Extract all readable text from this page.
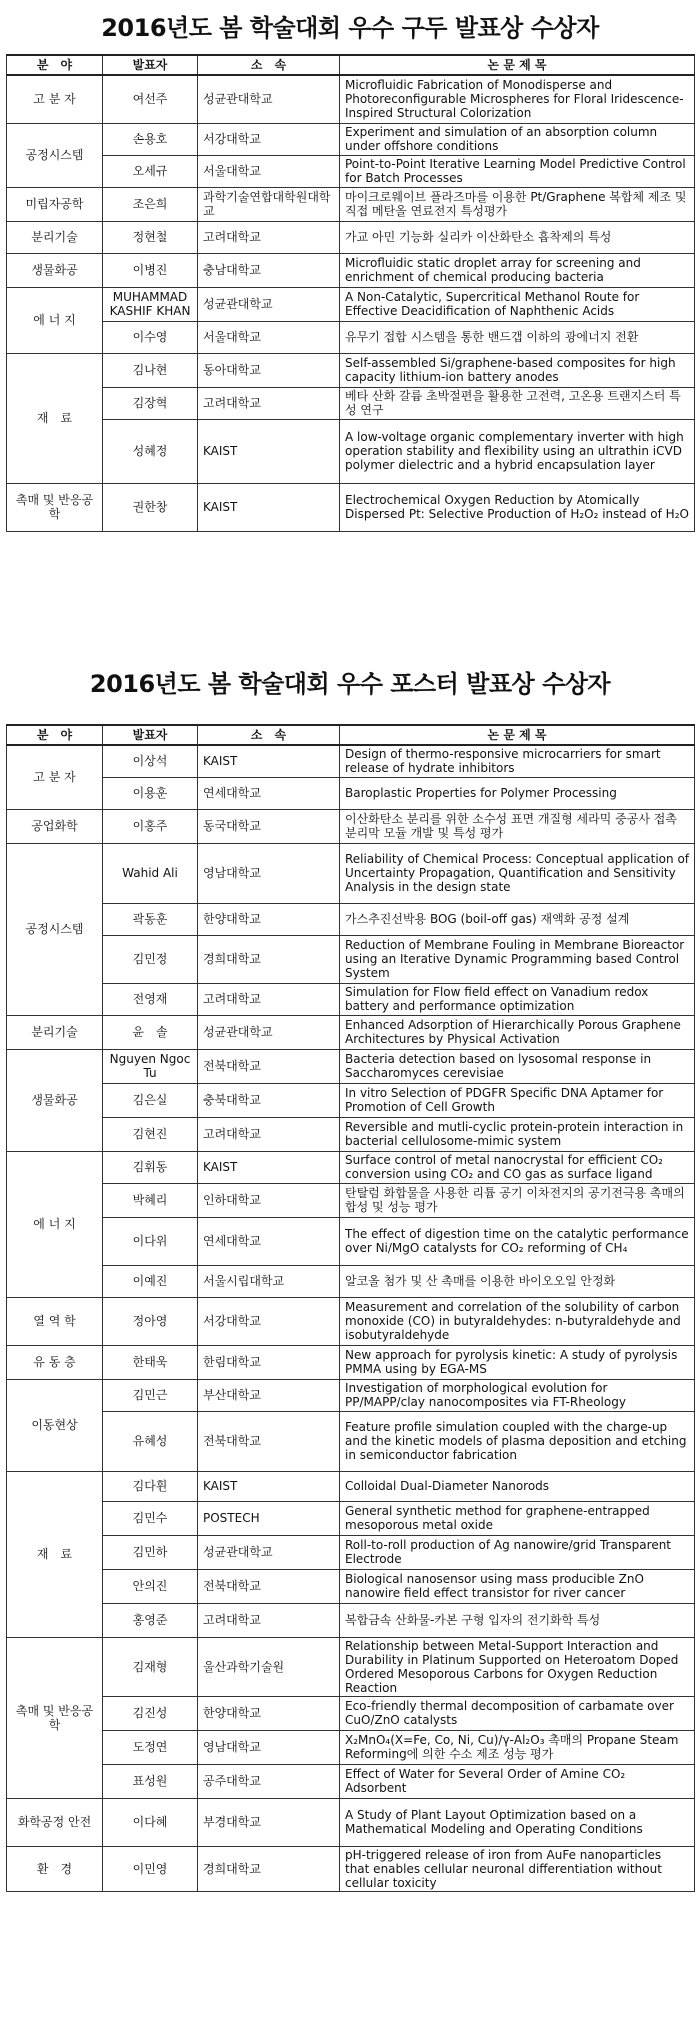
2016년도 봄 학술대회 우수 구두 발표상 수상자
분　야	발표자	소　속	논 문 제 목
고 분 자	여선주	성균관대학교	Microfluidic Fabrication of Monodisperse and Photoreconfigurable Microspheres for Floral Iridescence-Inspired Structural Colorization
공정시스템	손용호	서강대학교	Experiment and simulation of an absorption column under offshore conditions
	오세규	서울대학교	Point-to-Point Iterative Learning Model Predictive Control for Batch Processes
미립자공학	조은희	과학기술연합대학원대학교	마이크로웨이브 플라즈마를 이용한 Pt/Graphene 복합체 제조 및 직접 메탄올 연료전지 특성평가
분리기술	정현철	고려대학교	가교 아민 기능화 실리카 이산화탄소 흡착제의 특성
생물화공	이병진	충남대학교	Microfluidic static droplet array for screening and enrichment of chemical producing bacteria
에 너 지	MUHAMMAD KASHIF KHAN	성균관대학교	A Non-Catalytic, Supercritical Methanol Route for Effective Deacidification of Naphthenic Acids
	이수영	서울대학교	유무기 접합 시스템을 통한 밴드갭 이하의 광에너지 전환
재　료	김나현	동아대학교	Self-assembled Si/graphene-based composites for high capacity lithium-ion battery anodes
	김장혁	고려대학교	베타 산화 갈륨 초박절편을 활용한 고전력, 고온용 트랜지스터 특성 연구
	성혜정	KAIST	A low-voltage organic complementary inverter with high operation stability and flexibility using an ultrathin iCVD polymer dielectric and a hybrid encapsulation layer
촉매 및 반응공학	권한창	KAIST	Electrochemical Oxygen Reduction by Atomically Dispersed Pt: Selective Production of H₂O₂ instead of H₂O
2016년도 봄 학술대회 우수 포스터 발표상 수상자
분　야	발표자	소　속	논 문 제 목
고 분 자	이상석	KAIST	Design of thermo-responsive microcarriers for smart release of hydrate inhibitors
	이용훈	연세대학교	Baroplastic Properties for Polymer Processing
공업화학	이홍주	동국대학교	이산화탄소 분리를 위한 소수성 표면 개질형 세라믹 중공사 접촉 분리막 모듈 개발 및 특성 평가
공정시스템	Wahid Ali	영남대학교	Reliability of Chemical Process: Conceptual application of Uncertainty Propagation, Quantification and Sensitivity Analysis in the design state
	곽동훈	한양대학교	가스추진선박용 BOG (boil-off gas) 재액화 공정 설계
	김민정	경희대학교	Reduction of Membrane Fouling in Membrane Bioreactor using an Iterative Dynamic Programming based Control System
	전영재	고려대학교	Simulation for Flow field effect on Vanadium redox battery and performance optimization
분리기술	윤　솔	성균관대학교	Enhanced Adsorption of Hierarchically Porous Graphene Architectures by Physical Activation
생물화공	Nguyen Ngoc Tu	전북대학교	Bacteria detection based on lysosomal response in Saccharomyces cerevisiae
	김은실	충북대학교	In vitro Selection of PDGFR Specific DNA Aptamer for Promotion of Cell Growth
	김현진	고려대학교	Reversible and mutli-cyclic protein-protein interaction in bacterial cellulosome-mimic system
에 너 지	김휘동	KAIST	Surface control of metal nanocrystal for efficient CO₂ conversion using CO₂ and CO gas as surface ligand
	박혜리	인하대학교	탄탈럼 화합물을 사용한 리튬 공기 이차전지의 공기전극용 촉매의 합성 및 성능 평가
	이다위	연세대학교	The effect of digestion time on the catalytic performance over Ni/MgO catalysts for CO₂ reforming of CH₄
	이예진	서울시립대학교	알코올 첨가 및 산 촉매를 이용한 바이오오일 안정화
열 역 학	정아영	서강대학교	Measurement and correlation of the solubility of carbon monoxide (CO) in butyraldehydes: n-butyraldehyde and isobutyraldehyde
유 동 층	한태욱	한림대학교	New approach for pyrolysis kinetic: A study of pyrolysis PMMA using by EGA-MS
이동현상	김민근	부산대학교	Investigation of morphological evolution for PP/MAPP/clay nanocomposites via FT-Rheology
	유혜성	전북대학교	Feature profile simulation coupled with the charge-up and the kinetic models of plasma deposition and etching in semiconductor fabrication
재　료	김다휜	KAIST	Colloidal Dual-Diameter Nanorods
	김민수	POSTECH	General synthetic method for graphene-entrapped mesoporous metal oxide
	김민하	성균관대학교	Roll-to-roll production of Ag nanowire/grid Transparent Electrode
	안의진	전북대학교	Biological nanosensor using mass producible ZnO nanowire field effect transistor for river cancer
	홍영준	고려대학교	복합금속 산화물-카본 구형 입자의 전기화학 특성
촉매 및 반응공학	김재형	울산과학기술원	Relationship between Metal-Support Interaction and Durability in Platinum Supported on Heteroatom Doped Ordered Mesoporous Carbons for Oxygen Reduction Reaction
	김진성	한양대학교	Eco-friendly thermal decomposition of carbamate over CuO/ZnO catalysts
	도정연	영남대학교	X₂MnO₄(X=Fe, Co, Ni, Cu)/γ-Al₂O₃ 촉매의 Propane Steam Reforming에 의한 수소 제조 성능 평가
	표성원	공주대학교	Effect of Water for Several Order of Amine CO₂ Adsorbent
화학공정 안전	이다혜	부경대학교	A Study of Plant Layout Optimization based on a Mathematical Modeling and Operating Conditions
환　경	이민영	경희대학교	pH-triggered release of iron from AuFe nanoparticles that enables cellular neuronal differentiation without cellular toxicity
